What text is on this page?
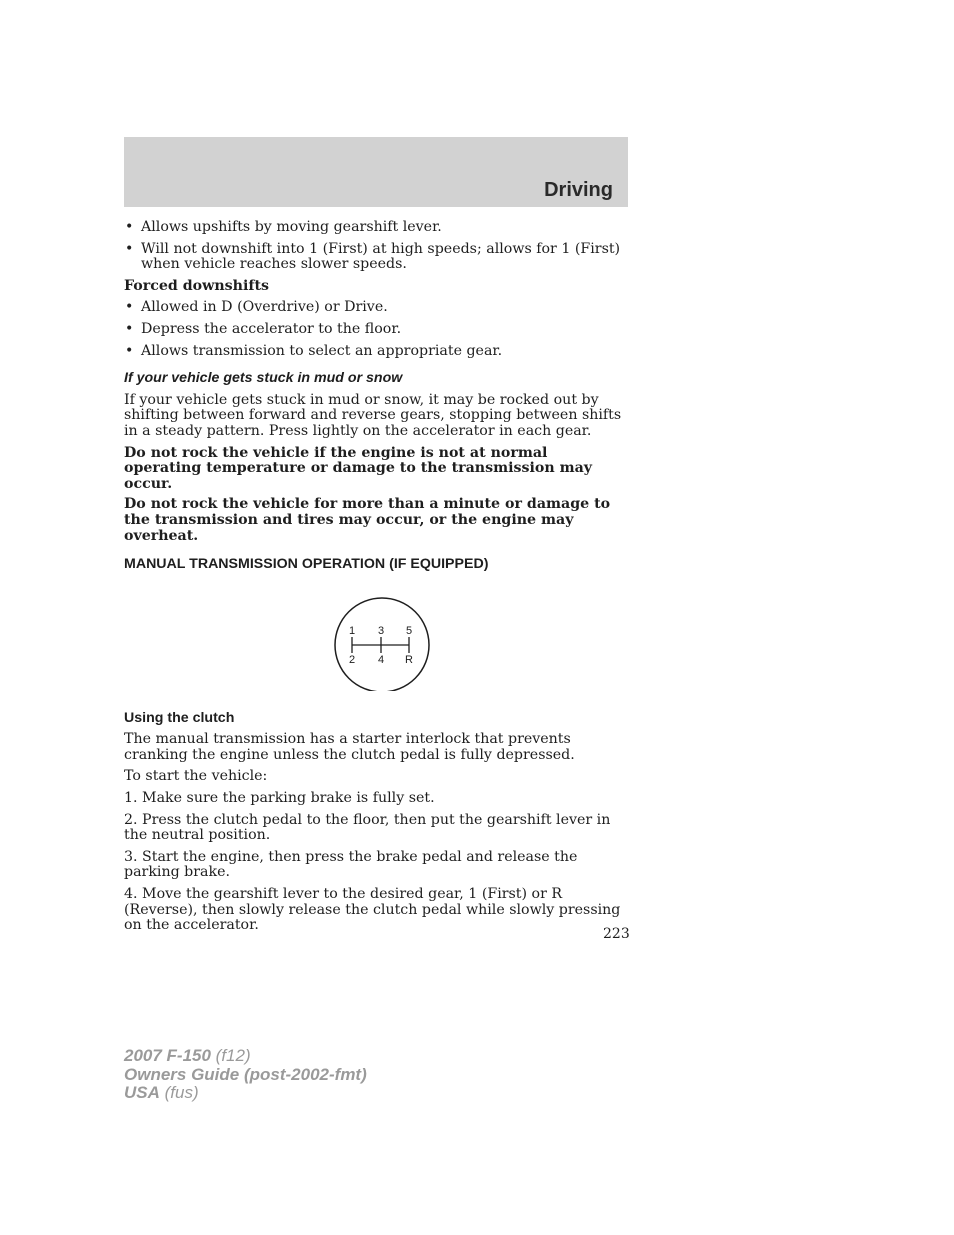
Driving
• Allows upshifts by moving gearshift lever.
• Will not downshift into 1 (First) at high speeds; allows for 1 (First) when vehicle reaches slower speeds.
Forced downshifts
• Allowed in D (Overdrive) or Drive.
• Depress the accelerator to the floor.
• Allows transmission to select an appropriate gear.
If your vehicle gets stuck in mud or snow
If your vehicle gets stuck in mud or snow, it may be rocked out by shifting between forward and reverse gears, stopping between shifts in a steady pattern. Press lightly on the accelerator in each gear.
Do not rock the vehicle if the engine is not at normal operating temperature or damage to the transmission may occur.
Do not rock the vehicle for more than a minute or damage to the transmission and tires may occur, or the engine may overheat.
MANUAL TRANSMISSION OPERATION (IF EQUIPPED)
1 3 5
2 4 R
Using the clutch
The manual transmission has a starter interlock that prevents cranking the engine unless the clutch pedal is fully depressed.
To start the vehicle:
1. Make sure the parking brake is fully set.
2. Press the clutch pedal to the floor, then put the gearshift lever in the neutral position.
3. Start the engine, then press the brake pedal and release the parking brake.
4. Move the gearshift lever to the desired gear, 1 (First) or R (Reverse), then slowly release the clutch pedal while slowly pressing on the accelerator.
223
2007 F-150 (f12)
Owners Guide (post-2002-fmt)
USA (fus)
